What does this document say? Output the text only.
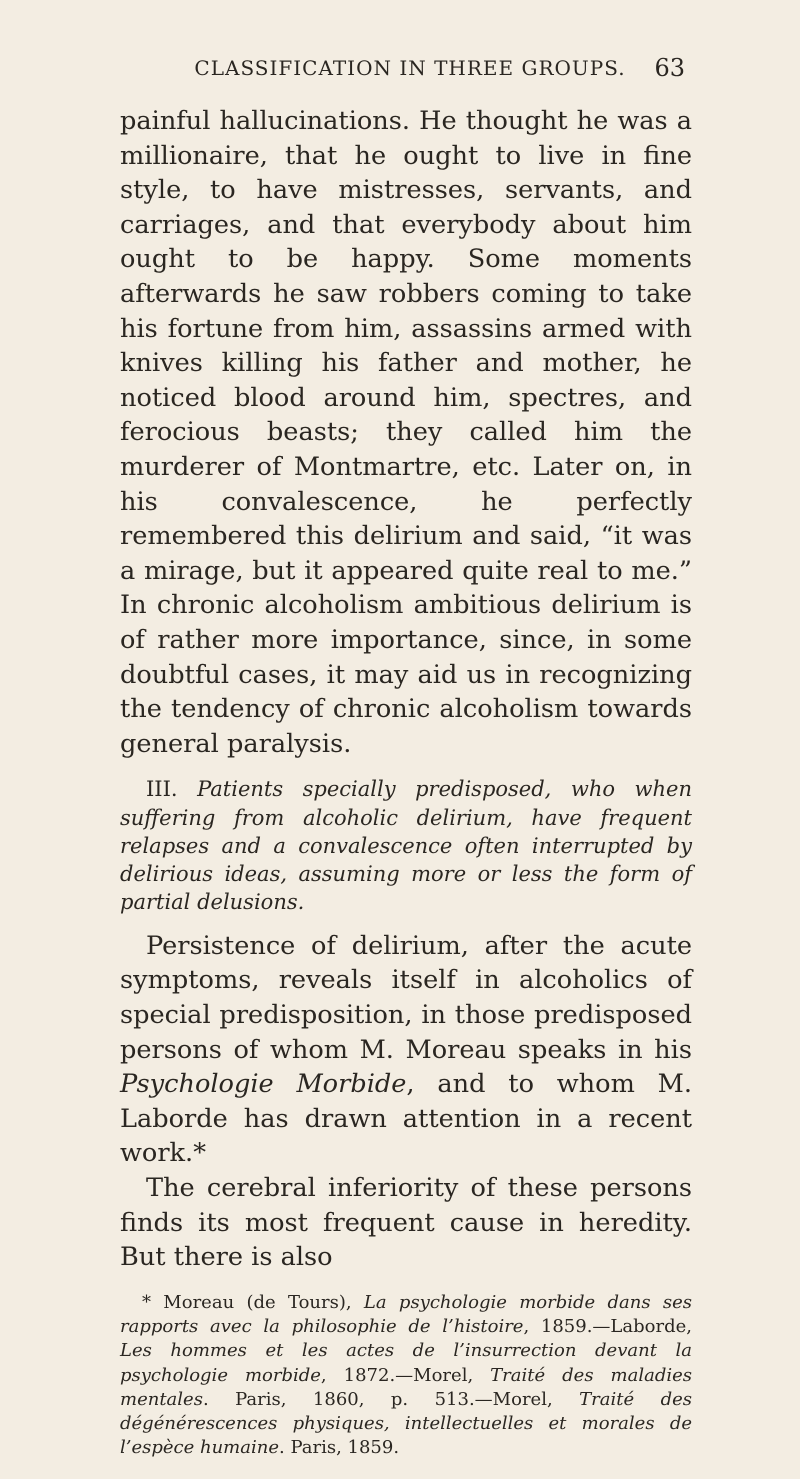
CLASSIFICATION IN THREE GROUPS.	63

painful hallucinations. He thought he was a millionaire, that he ought to live in fine style, to have mistresses, servants, and carriages, and that everybody about him ought to be happy. Some moments afterwards he saw robbers coming to take his fortune from him, assassins armed with knives killing his father and mother, he noticed blood around him, spectres, and ferocious beasts; they called him the murderer of Montmartre, etc. Later on, in his convalescence, he perfectly remembered this delirium and said, “it was a mirage, but it appeared quite real to me.” In chronic alcoholism ambitious delirium is of rather more importance, since, in some doubtful cases, it may aid us in recognizing the tendency of chronic alcoholism towards general paralysis.

III. Patients specially predisposed, who when suffering from alcoholic delirium, have frequent relapses and a convalescence often interrupted by delirious ideas, assuming more or less the form of partial delusions.

Persistence of delirium, after the acute symptoms, reveals itself in alcoholics of special predisposition, in those predisposed persons of whom M. Moreau speaks in his Psychologie Morbide, and to whom M. Laborde has drawn attention in a recent work.*

The cerebral inferiority of these persons finds its most frequent cause in heredity. But there is also

* Moreau (de Tours), La psychologie morbide dans ses rapports avec la philosophie de l’histoire, 1859.—Laborde, Les hommes et les actes de l’insurrection devant la psychologie morbide, 1872.—Morel, Traité des maladies mentales. Paris, 1860, p. 513.—Morel, Traité des dégénérescences physiques, intellectuelles et morales de l’espèce humaine. Paris, 1859.
